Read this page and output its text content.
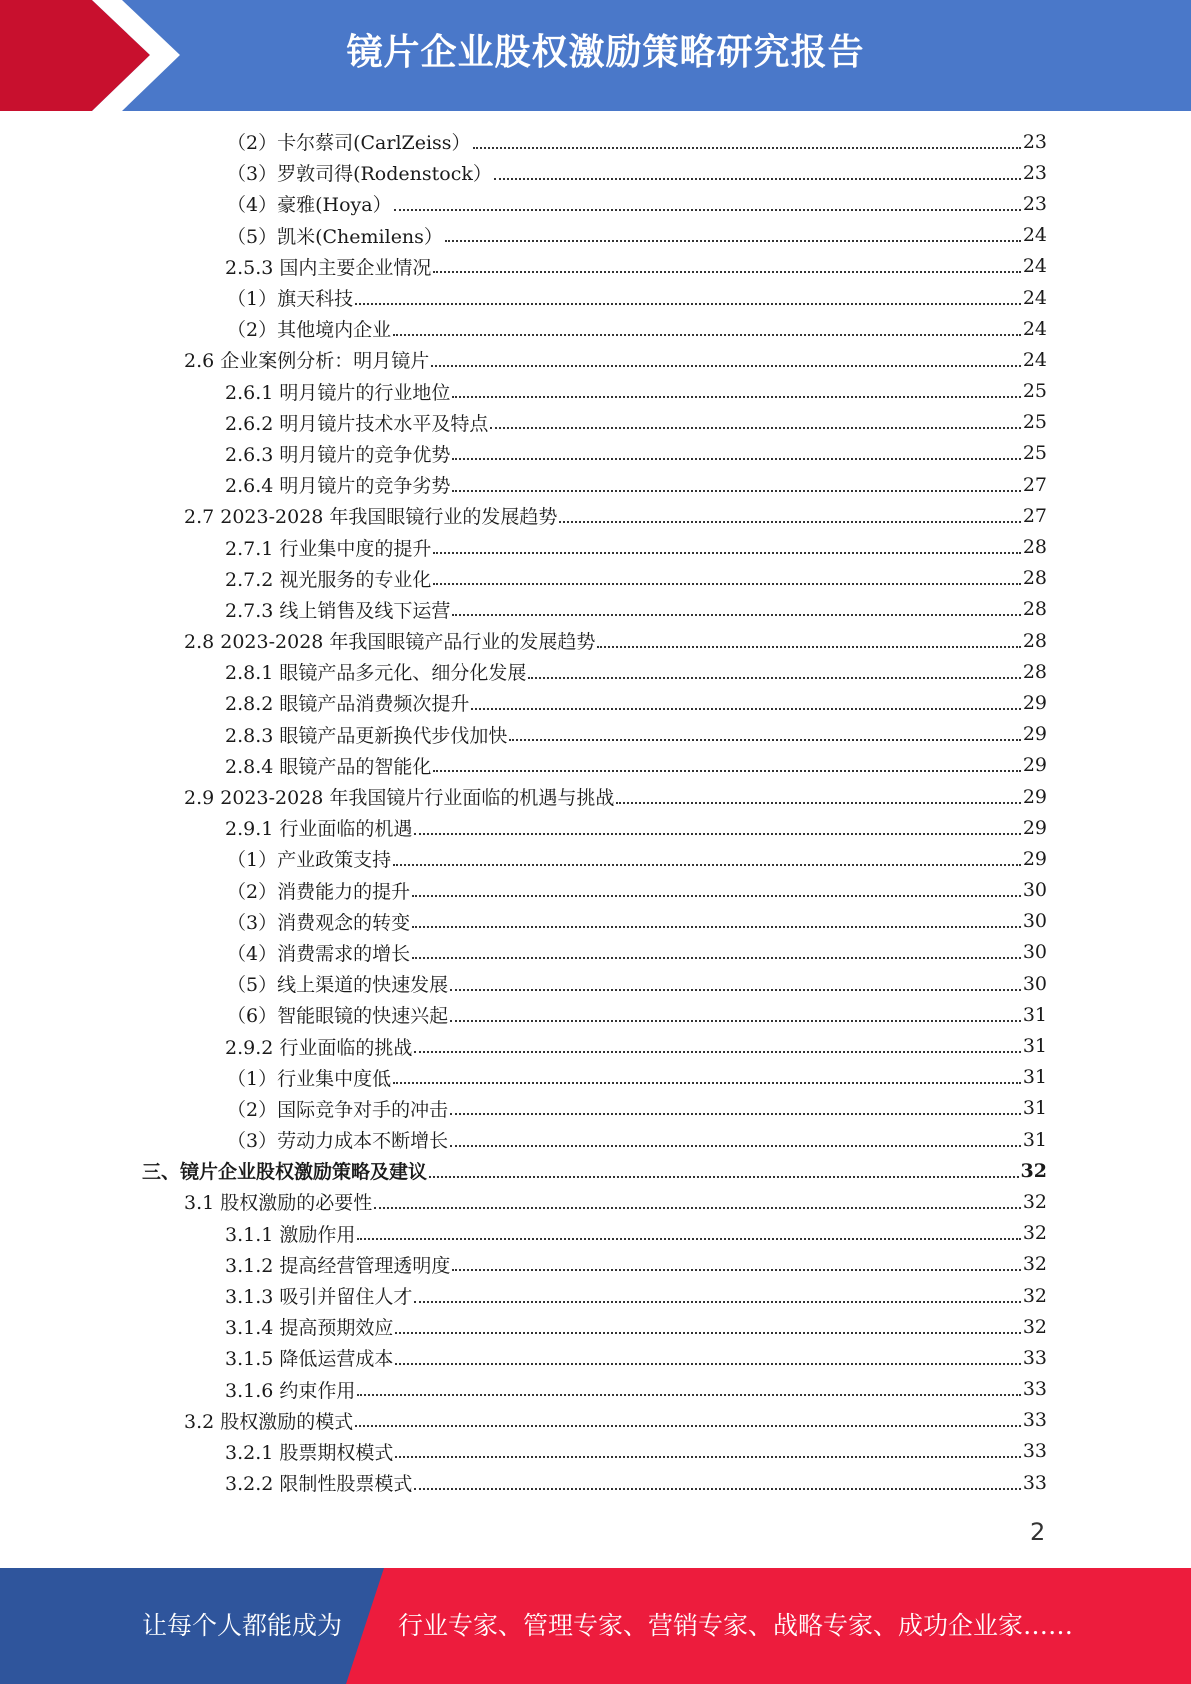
镜片企业股权激励策略研究报告
（2）卡尔蔡司(CarlZeiss）	23
（3）罗敦司得(Rodenstock）	23
（4）豪雅(Hoya）	23
（5）凯米(Chemilens）	24
2.5.3 国内主要企业情况	24
（1）旗天科技	24
（2）其他境内企业	24
2.6 企业案例分析：明月镜片	24
2.6.1 明月镜片的行业地位	25
2.6.2 明月镜片技术水平及特点	25
2.6.3 明月镜片的竞争优势	25
2.6.4 明月镜片的竞争劣势	27
2.7 2023-2028 年我国眼镜行业的发展趋势	27
2.7.1 行业集中度的提升	28
2.7.2 视光服务的专业化	28
2.7.3 线上销售及线下运营	28
2.8 2023-2028 年我国眼镜产品行业的发展趋势	28
2.8.1 眼镜产品多元化、细分化发展	28
2.8.2 眼镜产品消费频次提升	29
2.8.3 眼镜产品更新换代步伐加快	29
2.8.4 眼镜产品的智能化	29
2.9 2023-2028 年我国镜片行业面临的机遇与挑战	29
2.9.1 行业面临的机遇	29
（1）产业政策支持	29
（2）消费能力的提升	30
（3）消费观念的转变	30
（4）消费需求的增长	30
（5）线上渠道的快速发展	30
（6）智能眼镜的快速兴起	31
2.9.2 行业面临的挑战	31
（1）行业集中度低	31
（2）国际竞争对手的冲击	31
（3）劳动力成本不断增长	31
三、镜片企业股权激励策略及建议	32
3.1 股权激励的必要性	32
3.1.1 激励作用	32
3.1.2 提高经营管理透明度	32
3.1.3 吸引并留住人才	32
3.1.4 提高预期效应	32
3.1.5 降低运营成本	33
3.1.6 约束作用	33
3.2 股权激励的模式	33
3.2.1 股票期权模式	33
3.2.2 限制性股票模式	33
2
让每个人都能成为 行业专家、管理专家、营销专家、战略专家、成功企业家……
